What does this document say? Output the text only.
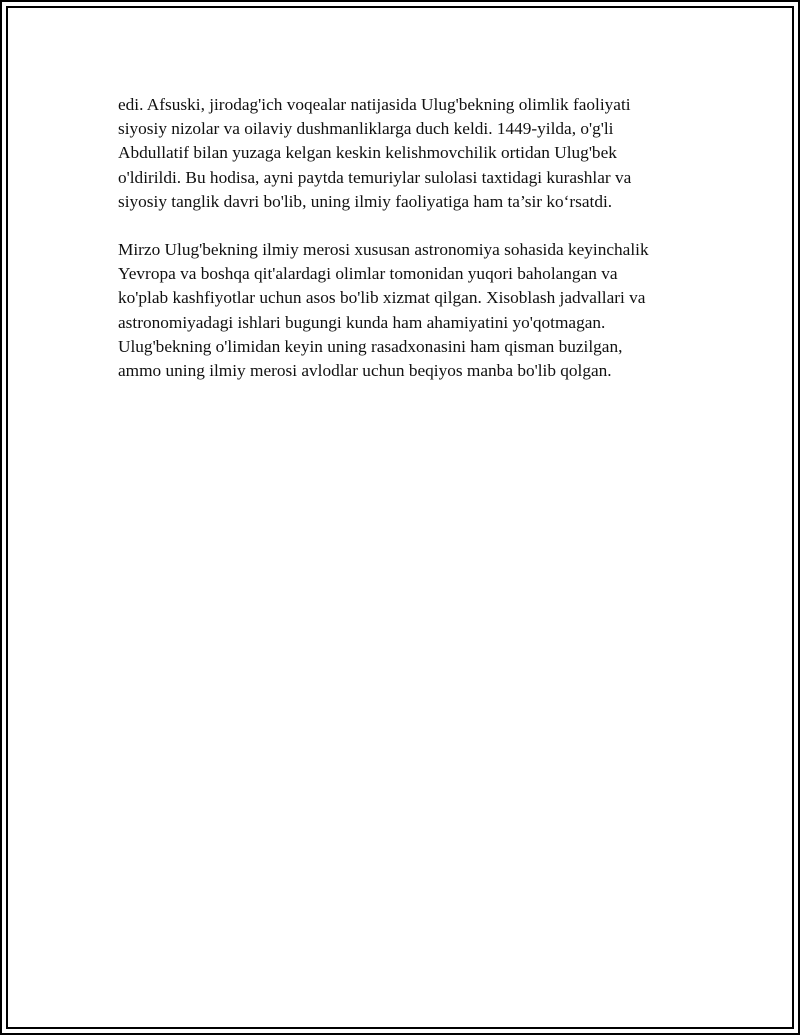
edi. Afsuski, jirodag'ich voqealar natijasida Ulug'bekning olimlik faoliyati
siyosiy nizolar va oilaviy dushmanliklarga duch keldi. 1449-yilda, o'g'li
Abdullatif bilan yuzaga kelgan keskin kelishmovchilik ortidan Ulug'bek
o'ldirildi. Bu hodisa, ayni paytda temuriylar sulolasi taxtidagi kurashlar va
siyosiy tanglik davri bo'lib, uning ilmiy faoliyatiga ham ta’sir ko‘rsatdi.

Mirzo Ulug'bekning ilmiy merosi xususan astronomiya sohasida keyinchalik
Yevropa va boshqa qit'alardagi olimlar tomonidan yuqori baholangan va
ko'plab kashfiyotlar uchun asos bo'lib xizmat qilgan. Xisoblash jadvallari va
astronomiyadagi ishlari bugungi kunda ham ahamiyatini yo'qotmagan.
Ulug'bekning o'limidan keyin uning rasadxonasini ham qisman buzilgan,
ammo uning ilmiy merosi avlodlar uchun beqiyos manba bo'lib qolgan.
